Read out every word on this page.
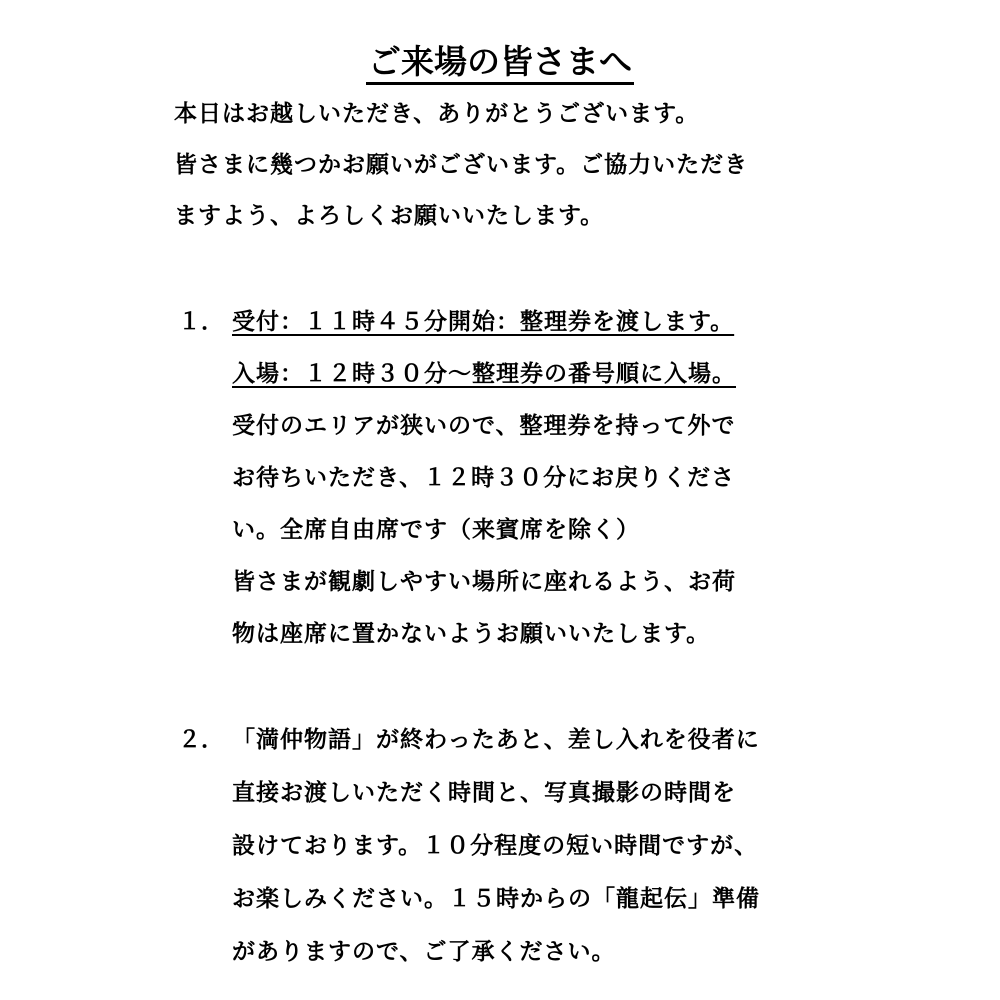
ご来場の皆さまへ
本日はお越しいただき、ありがとうございます。
皆さまに幾つかお願いがございます。ご協力いただき
ますよう、よろしくお願いいたします。
１． 受付：１１時４５分開始：整理券を渡します。
入場：１２時３０分～整理券の番号順に入場。
受付のエリアが狭いので、整理券を持って外で
お待ちいただき、１２時３０分にお戻りくださ
い。全席自由席です（来賓席を除く）
皆さまが観劇しやすい場所に座れるよう、お荷
物は座席に置かないようお願いいたします。
２． 「満仲物語」が終わったあと、差し入れを役者に
直接お渡しいただく時間と、写真撮影の時間を
設けております。１０分程度の短い時間ですが、
お楽しみください。１５時からの「龍起伝」準備
がありますので、ご了承ください。
